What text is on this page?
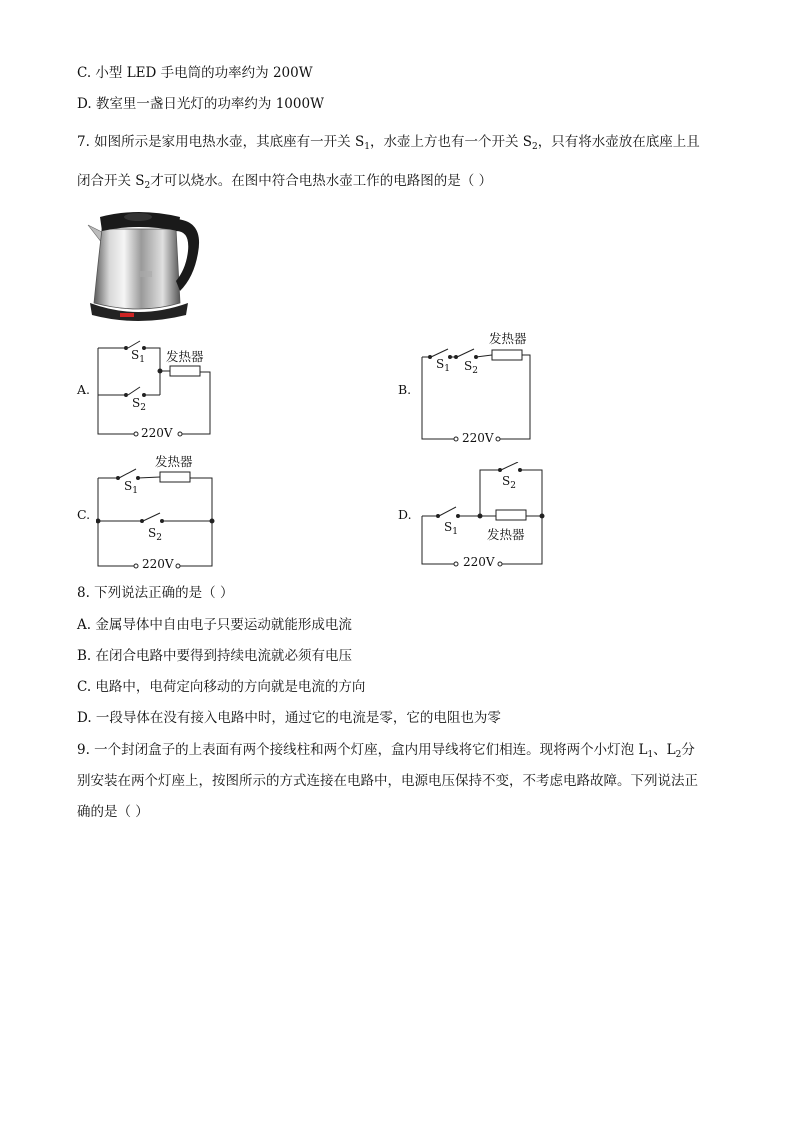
C. 小型 LED 手电筒的功率约为 200W
D. 教室里一盏日光灯的功率约为 1000W
7. 如图所示是家用电热水壶，其底座有一开关 $S_1$，水壶上方也有一个开关 $S_2$，只有将水壶放在底座上且
闭合开关 $S_2$才可以烧水。在图中符合电热水壶工作的电路图的是（ ）
$S_1$
$S_2$
发热器
220V
A.
发热器
$S_1$ $S_2$
220V
B.
发热器
$S_1$
$S_2$
220V
C.
$S_2$
$S_1$ 发热器
220V
D.
8. 下列说法正确的是（ ）
A. 金属导体中自由电子只要运动就能形成电流
B. 在闭合电路中要得到持续电流就必须有电压
C. 电路中，电荷定向移动的方向就是电流的方向
D. 一段导体在没有接入电路中时，通过它的电流是零，它的电阻也为零
9. 一个封闭盒子的上表面有两个接线柱和两个灯座，盒内用导线将它们相连。现将两个小灯泡 $L_1$、$L_2$分
别安装在两个灯座上，按图所示的方式连接在电路中，电源电压保持不变，不考虑电路故障。下列说法正
确的是（ ）
